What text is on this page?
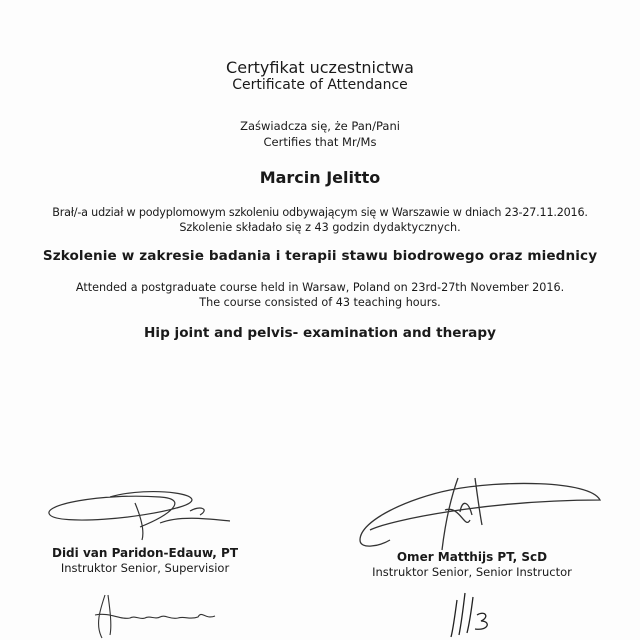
Certyfikat uczestnictwa
Certificate of Attendance
Zaświadcza się, że Pan/Pani
Certifies that Mr/Ms
Marcin Jelitto
Brał/-a udział w podyplomowym szkoleniu odbywającym się w Warszawie w dniach 23-27.11.2016.
Szkolenie składało się z 43 godzin dydaktycznych.
Szkolenie w zakresie badania i terapii stawu biodrowego oraz miednicy
Attended a postgraduate course held in Warsaw, Poland on 23rd-27th November 2016.
The course consisted of 43 teaching hours.
Hip joint and pelvis- examination and therapy
Didi van Paridon-Edauw, PT
Instruktor Senior, Supervisior
Omer Matthijs PT, ScD
Instruktor Senior, Senior Instructor
